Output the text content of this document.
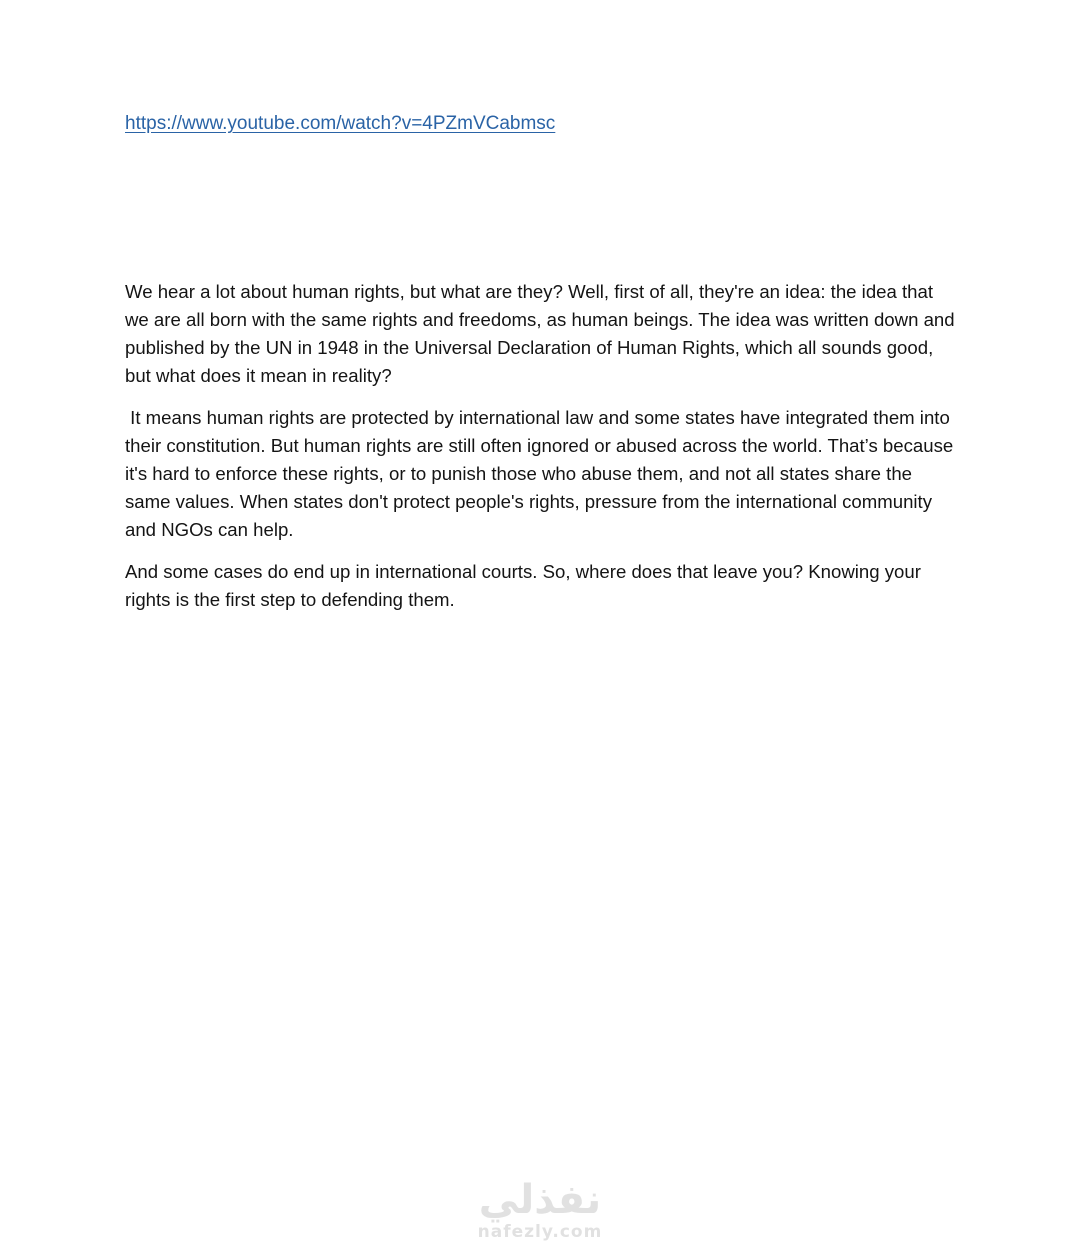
https://www.youtube.com/watch?v=4PZmVCabmsc

We hear a lot about human rights, but what are they? Well, first of all, they're an idea: the idea that we are all born with the same rights and freedoms, as human beings. The idea was written down and published by the UN in 1948 in the Universal Declaration of Human Rights, which all sounds good, but what does it mean in reality?

It means human rights are protected by international law and some states have integrated them into their constitution. But human rights are still often ignored or abused across the world. That’s because it's hard to enforce these rights, or to punish those who abuse them, and not all states share the same values. When states don't protect people's rights, pressure from the international community and NGOs can help.

And some cases do end up in international courts. So, where does that leave you? Knowing your rights is the first step to defending them.

نفذلي
nafezly.com
